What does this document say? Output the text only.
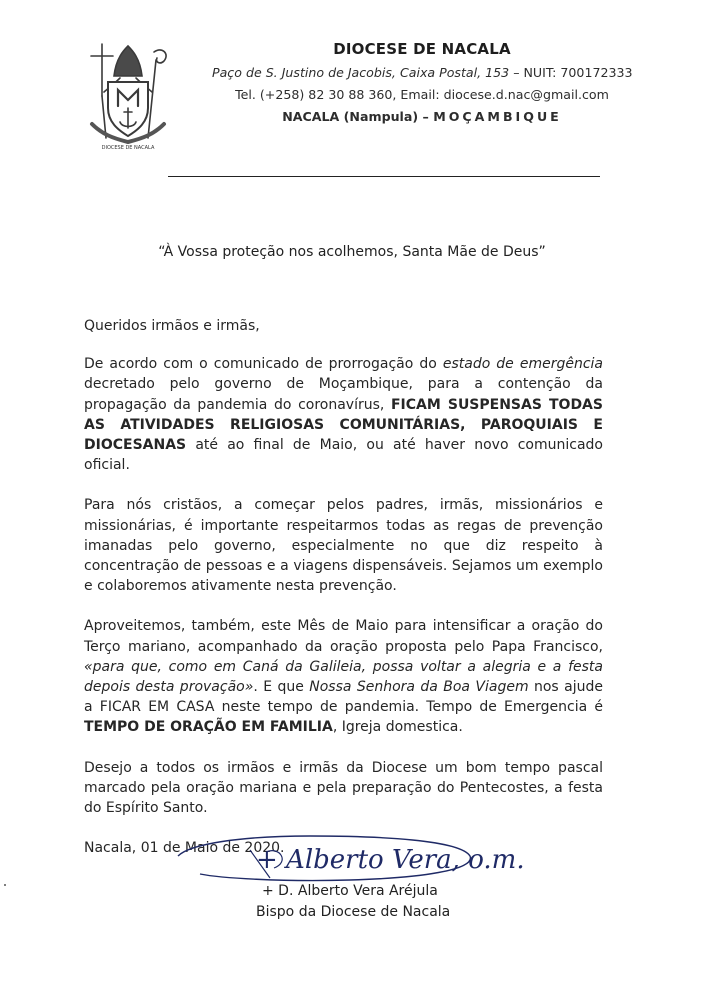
DIOCESE DE NACALA
DIOCESE DE NACALA
Paço de S. Justino de Jacobis, Caixa Postal, 153 – NUIT: 700172333
Tel. (+258) 82 30 88 360, Email: diocese.d.nac@gmail.com
NACALA (Nampula) – MOÇAMBIQUE
“À Vossa proteção nos acolhemos, Santa Mãe de Deus”

Queridos irmãos e irmãs,

De acordo com o comunicado de prorrogação do estado de emergência decretado pelo governo de Moçambique, para a contenção da propagação da pandemia do coronavírus, FICAM SUSPENSAS TODAS AS ATIVIDADES RELIGIOSAS COMUNITÁRIAS, PAROQUIAIS E DIOCESANAS até ao final de Maio, ou até haver novo comunicado oficial.

Para nós cristãos, a começar pelos padres, irmãs, missionários e missionárias, é importante respeitarmos todas as regas de prevenção imanadas pelo governo, especialmente no que diz respeito à concentração de pessoas e a viagens dispensáveis. Sejamos um exemplo e colaboremos ativamente nesta prevenção.

Aproveitemos, também, este Mês de Maio para intensificar a oração do Terço mariano, acompanhado da oração proposta pelo Papa Francisco, «para que, como em Caná da Galileia, possa voltar a alegria e a festa depois desta provação». E que Nossa Senhora da Boa Viagem nos ajude a FICAR EM CASA neste tempo de pandemia. Tempo de Emergencia é TEMPO DE ORAÇÃO EM FAMILIA, Igreja domestica.

Desejo a todos os irmãos e irmãs da Diocese um bom tempo pascal marcado pela oração mariana e pela preparação do Pentecostes, a festa do Espírito Santo.

Nacala, 01 de Maio de 2020.

+ Alberto Vera, o.m.
+ D. Alberto Vera Aréjula
Bispo da Diocese de Nacala
